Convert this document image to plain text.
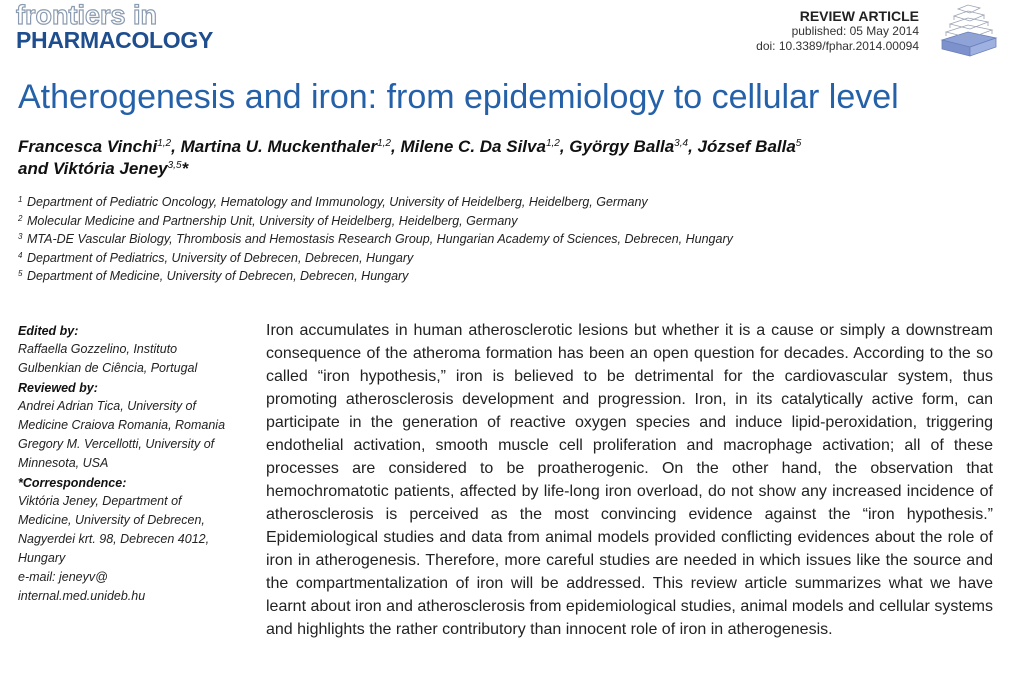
frontiers in
PHARMACOLOGY
REVIEW ARTICLE
published: 05 May 2014
doi: 10.3389/fphar.2014.00094
Atherogenesis and iron: from epidemiology to cellular level
Francesca Vinchi$^{1,2}$, Martina U. Muckenthaler$^{1,2}$, Milene C. Da Silva$^{1,2}$, György Balla$^{3,4}$, József Balla$^5$
and Viktória Jeney$^{3,5}$*
$^1$ Department of Pediatric Oncology, Hematology and Immunology, University of Heidelberg, Heidelberg, Germany
$^2$ Molecular Medicine and Partnership Unit, University of Heidelberg, Heidelberg, Germany
$^3$ MTA-DE Vascular Biology, Thrombosis and Hemostasis Research Group, Hungarian Academy of Sciences, Debrecen, Hungary
$^4$ Department of Pediatrics, University of Debrecen, Debrecen, Hungary
$^5$ Department of Medicine, University of Debrecen, Debrecen, Hungary
Edited by:
Raffaella Gozzelino, Instituto
Gulbenkian de Ciência, Portugal
Reviewed by:
Andrei Adrian Tica, University of
Medicine Craiova Romania, Romania
Gregory M. Vercellotti, University of
Minnesota, USA
*Correspondence:
Viktória Jeney, Department of
Medicine, University of Debrecen,
Nagyerdei krt. 98, Debrecen 4012,
Hungary
e-mail: jeneyv@
internal.med.unideb.hu

Iron accumulates in human atherosclerotic lesions but whether it is a cause or simply a downstream consequence of the atheroma formation has been an open question for decades. According to the so called “iron hypothesis,” iron is believed to be detrimental for the cardiovascular system, thus promoting atherosclerosis development and progression. Iron, in its catalytically active form, can participate in the generation of reactive oxygen species and induce lipid-peroxidation, triggering endothelial activation, smooth muscle cell proliferation and macrophage activation; all of these processes are considered to be proatherogenic. On the other hand, the observation that hemochromatotic patients, affected by life-long iron overload, do not show any increased incidence of atherosclerosis is perceived as the most convincing evidence against the “iron hypothesis.” Epidemiological studies and data from animal models provided conflicting evidences about the role of iron in atherogenesis. Therefore, more careful studies are needed in which issues like the source and the compartmentalization of iron will be addressed. This review article summarizes what we have learnt about iron and atherosclerosis from epidemiological studies, animal models and cellular systems and highlights the rather contributory than innocent role of iron in atherogenesis.
